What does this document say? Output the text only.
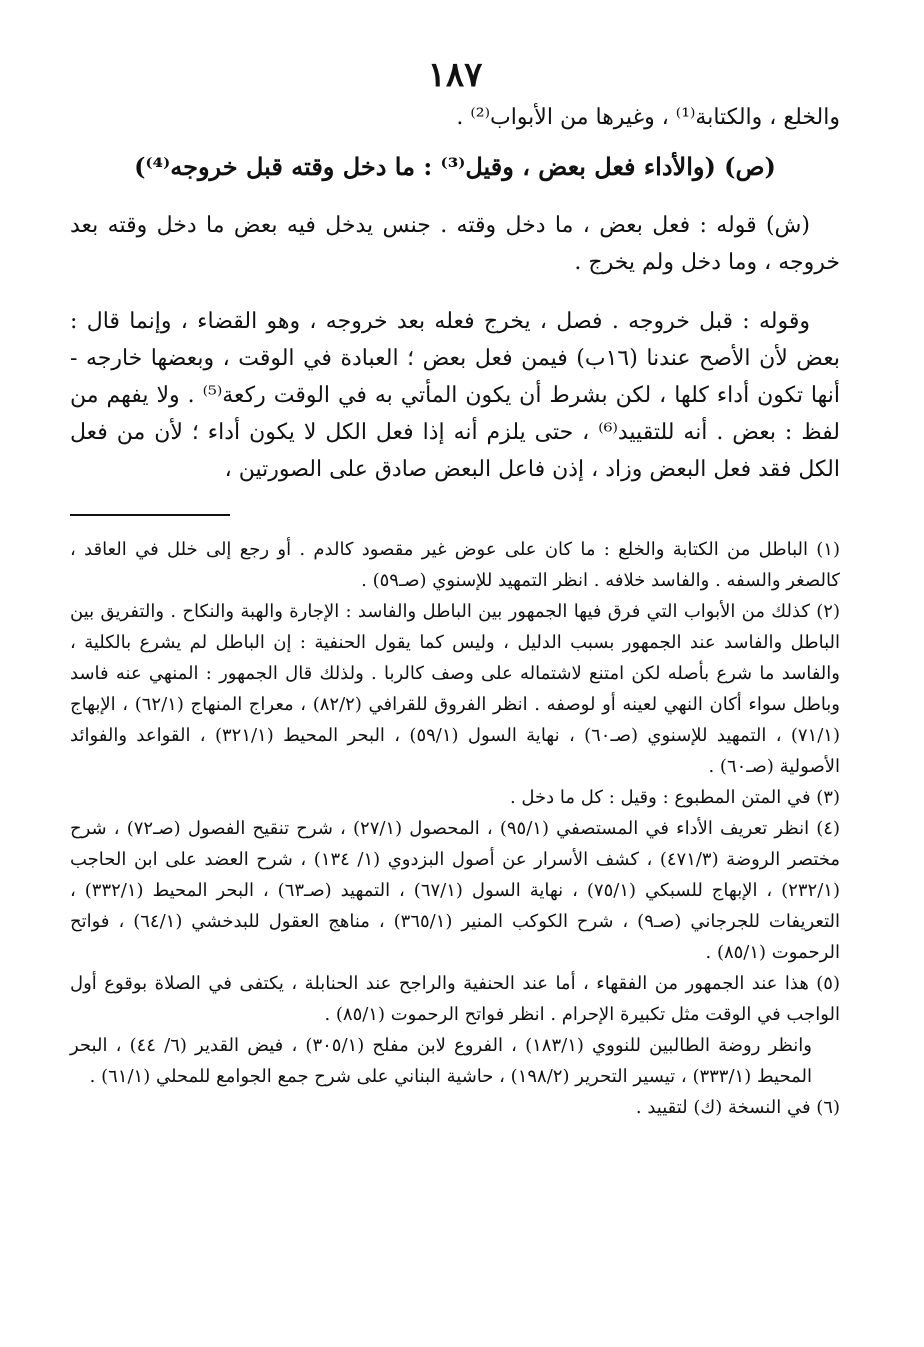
١٨٧

والخلع ، والكتابة⁽¹⁾ ، وغيرها من الأبواب⁽²⁾ .

(ص) (والأداء فعل بعض ، وقيل⁽³⁾ : ما دخل وقته قبل خروجه⁽⁴⁾)

(ش) قوله : فعل بعض ، ما دخل وقته . جنس يدخل فيه بعض ما دخل وقته بعد خروجه ، وما دخل ولم يخرج .

وقوله : قبل خروجه . فصل ، يخرج فعله بعد خروجه ، وهو القضاء ، وإنما قال : بعض لأن الأصح عندنا (١٦ب) فيمن فعل بعض ؛ العبادة في الوقت ، وبعضها خارجه - أنها تكون أداء كلها ، لكن بشرط أن يكون المأتي به في الوقت ركعة⁽⁵⁾ . ولا يفهم من لفظ : بعض . أنه للتقييد⁽⁶⁾ ، حتى يلزم أنه إذا فعل الكل لا يكون أداء ؛ لأن من فعل الكل فقد فعل البعض وزاد ، إذن فاعل البعض صادق على الصورتين ،

(١) الباطل من الكتابة والخلع : ما كان على عوض غير مقصود كالدم . أو رجع إلى خلل في العاقد ، كالصغر والسفه . والفاسد خلافه . انظر التمهيد للإسنوي (صـ٥٩) .

(٢) كذلك من الأبواب التي فرق فيها الجمهور بين الباطل والفاسد : الإجارة والهبة والنكاح . والتفريق بين الباطل والفاسد عند الجمهور بسبب الدليل ، وليس كما يقول الحنفية : إن الباطل لم يشرع بالكلية ، والفاسد ما شرع بأصله لكن امتنع لاشتماله على وصف كالربا . ولذلك قال الجمهور : المنهي عنه فاسد وباطل سواء أكان النهي لعينه أو لوصفه . انظر الفروق للقرافي (٨٢/٢) ، معراج المنهاج (٦٢/١) ، الإبهاج (٧١/١) ، التمهيد للإسنوي (صـ٦٠) ، نهاية السول (٥٩/١) ، البحر المحيط (٣٢١/١) ، القواعد والفوائد الأصولية (صـ٦٠) .

(٣) في المتن المطبوع : وقيل : كل ما دخل .

(٤) انظر تعريف الأداء في المستصفي (٩٥/١) ، المحصول (٢٧/١) ، شرح تنقيح الفصول (صـ٧٢) ، شرح مختصر الروضة (٤٧١/٣) ، كشف الأسرار عن أصول البزدوي (١/ ١٣٤) ، شرح العضد على ابن الحاجب (٢٣٢/١) ، الإبهاج للسبكي (٧٥/١) ، نهاية السول (٦٧/١) ، التمهيد (صـ٦٣) ، البحر المحيط (٣٣٢/١) ، التعريفات للجرجاني (صـ٩) ، شرح الكوكب المنير (٣٦٥/١) ، مناهج العقول للبدخشي (٦٤/١) ، فواتح الرحموت (٨٥/١) .

(٥) هذا عند الجمهور من الفقهاء ، أما عند الحنفية والراجح عند الحنابلة ، يكتفى في الصلاة بوقوع أول الواجب في الوقت مثل تكبيرة الإحرام . انظر فواتح الرحموت (٨٥/١) .

وانظر روضة الطالبين للنووي (١٨٣/١) ، الفروع لابن مفلح (٣٠٥/١) ، فيض القدير (٦/ ٤٤) ، البحر المحيط (٣٣٣/١) ، تيسير التحرير (١٩٨/٢) ، حاشية البناني على شرح جمع الجوامع للمحلي (٦١/١) .

(٦) في النسخة (ك) لتقييد .
